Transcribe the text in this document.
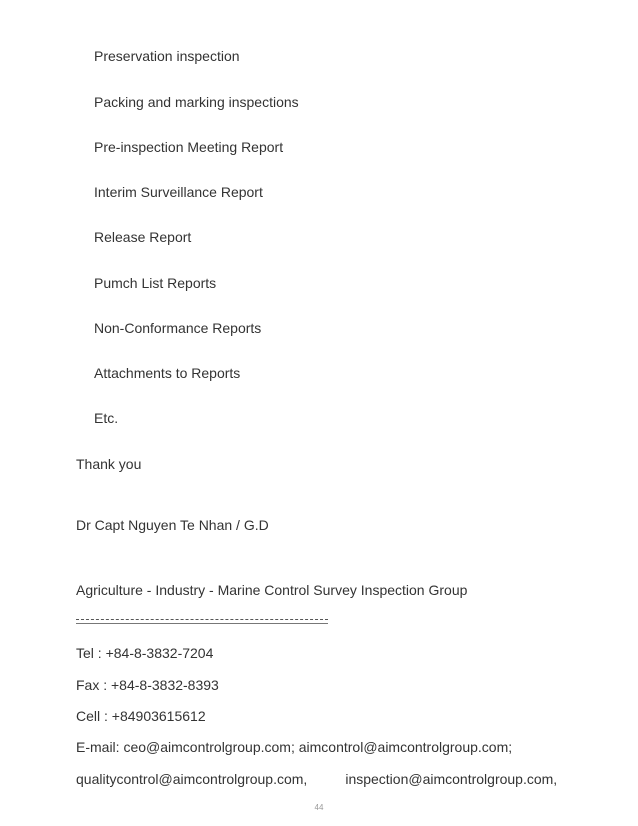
Preservation inspection
Packing and marking inspections
Pre-inspection Meeting Report
Interim Surveillance Report
Release Report
Pumch List Reports
Non-Conformance Reports
Attachments to Reports
Etc.
Thank you
Dr Capt Nguyen Te Nhan / G.D
Agriculture - Industry - Marine Control Survey Inspection Group
Tel : +84-8-3832-7204
Fax : +84-8-3832-8393
Cell : +84903615612
E-mail: ceo@aimcontrolgroup.com; aimcontrol@aimcontrolgroup.com;
qualitycontrol@aimcontrolgroup.com,	inspection@aimcontrolgroup.com,
44
